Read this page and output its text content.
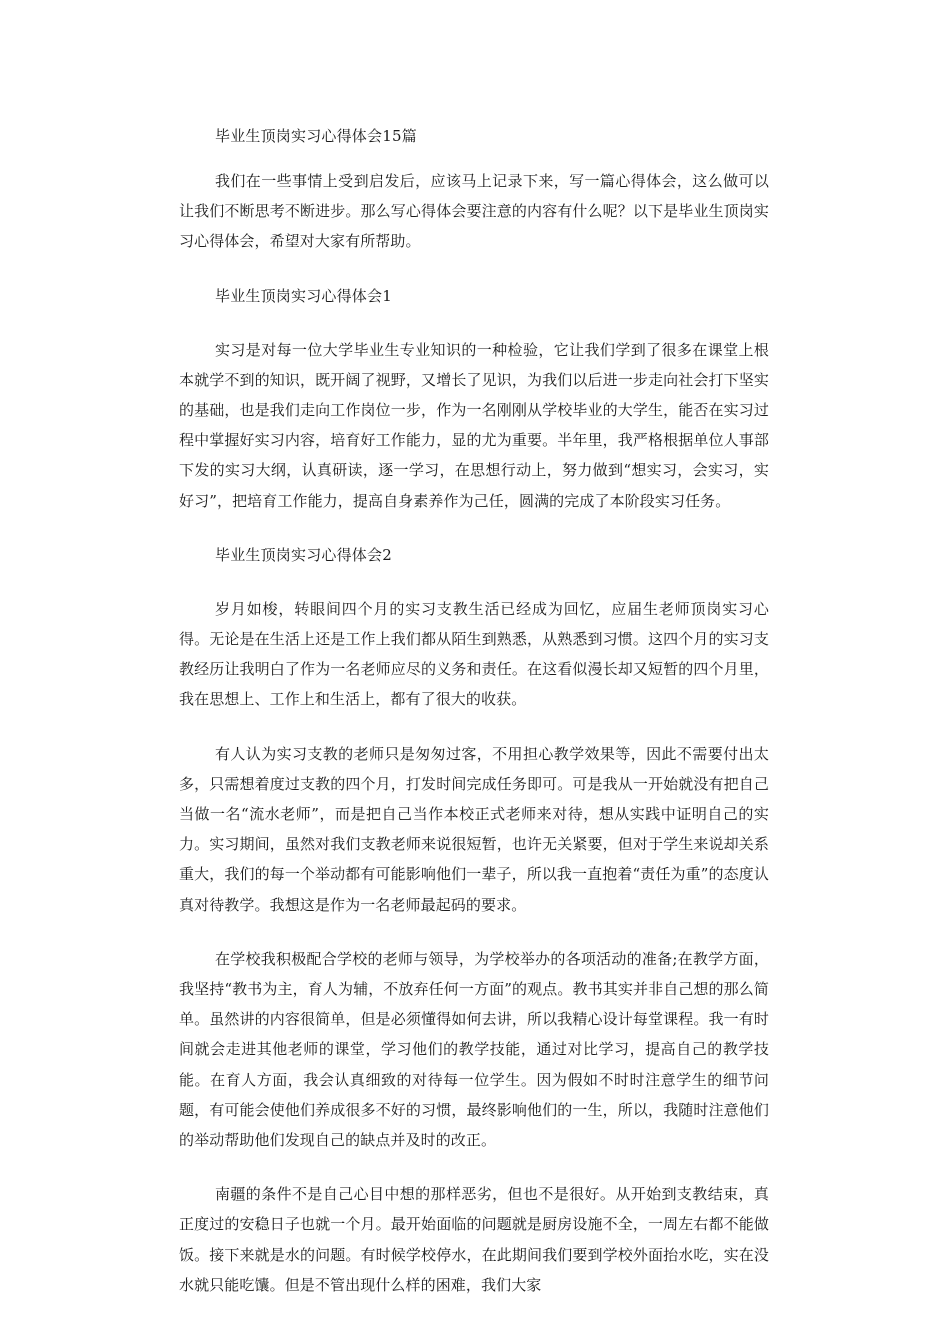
毕业生顶岗实习心得体会15篇

我们在一些事情上受到启发后，应该马上记录下来，写一篇心得体会，这么做可以让我们不断思考不断进步。那么写心得体会要注意的内容有什么呢？以下是毕业生顶岗实习心得体会，希望对大家有所帮助。

毕业生顶岗实习心得体会1

实习是对每一位大学毕业生专业知识的一种检验，它让我们学到了很多在课堂上根本就学不到的知识，既开阔了视野，又增长了见识，为我们以后进一步走向社会打下坚实的基础，也是我们走向工作岗位一步，作为一名刚刚从学校毕业的大学生，能否在实习过程中掌握好实习内容，培育好工作能力，显的尤为重要。半年里，我严格根据单位人事部下发的实习大纲，认真研读，逐一学习，在思想行动上，努力做到“想实习，会实习，实好习”，把培育工作能力，提高自身素养作为己任，圆满的完成了本阶段实习任务。

毕业生顶岗实习心得体会2

岁月如梭，转眼间四个月的实习支教生活已经成为回忆，应届生老师顶岗实习心得。无论是在生活上还是工作上我们都从陌生到熟悉，从熟悉到习惯。这四个月的实习支教经历让我明白了作为一名老师应尽的义务和责任。在这看似漫长却又短暂的四个月里，我在思想上、工作上和生活上，都有了很大的收获。

有人认为实习支教的老师只是匆匆过客，不用担心教学效果等，因此不需要付出太多，只需想着度过支教的四个月，打发时间完成任务即可。可是我从一开始就没有把自己当做一名“流水老师”，而是把自己当作本校正式老师来对待，想从实践中证明自己的实力。实习期间，虽然对我们支教老师来说很短暂，也许无关紧要，但对于学生来说却关系重大，我们的每一个举动都有可能影响他们一辈子，所以我一直抱着“责任为重”的态度认真对待教学。我想这是作为一名老师最起码的要求。

在学校我积极配合学校的老师与领导，为学校举办的各项活动的准备;在教学方面，我坚持“教书为主，育人为辅，不放弃任何一方面”的观点。教书其实并非自己想的那么简单。虽然讲的内容很简单，但是必须懂得如何去讲，所以我精心设计每堂课程。我一有时间就会走进其他老师的课堂，学习他们的教学技能，通过对比学习，提高自己的教学技能。在育人方面，我会认真细致的对待每一位学生。因为假如不时时注意学生的细节问题，有可能会使他们养成很多不好的习惯，最终影响他们的一生，所以，我随时注意他们的举动帮助他们发现自己的缺点并及时的改正。

南疆的条件不是自己心目中想的那样恶劣，但也不是很好。从开始到支教结束，真正度过的安稳日子也就一个月。最开始面临的问题就是厨房设施不全，一周左右都不能做饭。接下来就是水的问题。有时候学校停水，在此期间我们要到学校外面抬水吃，实在没水就只能吃馕。但是不管出现什么样的困难，我们大家
